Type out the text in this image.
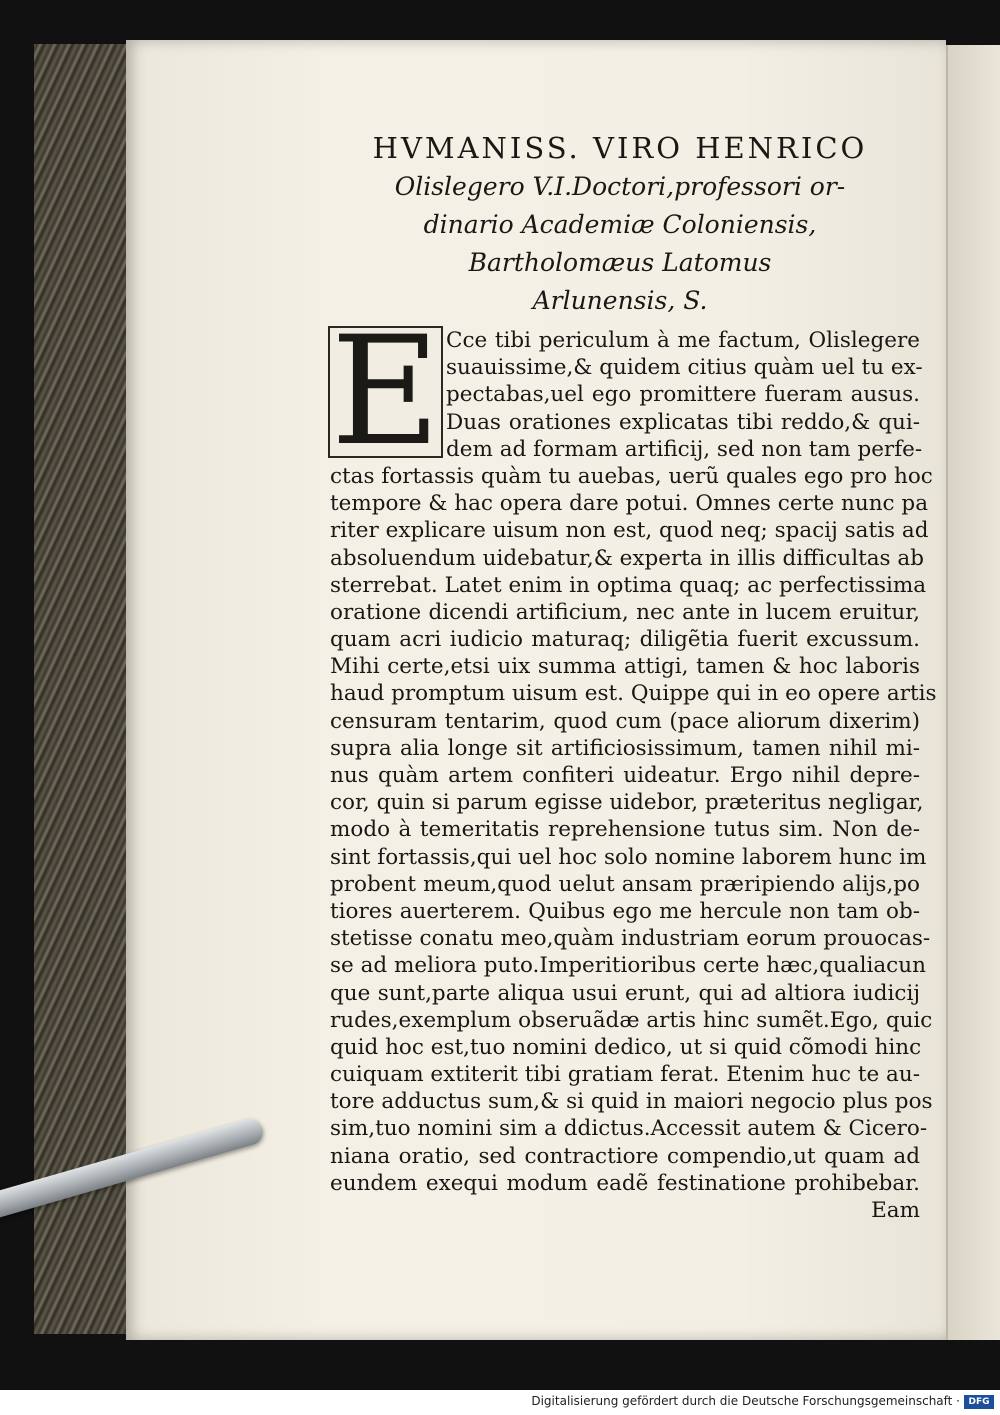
HVMANISS. VIRO HENRICO
Olislegero V.I.Doctori,professori or-
dinario Academiæ Coloniensis,
Bartholomæus Latomus
Arlunensis, S.
E Cce tibi periculum à me factum, Olislegere
suauissime,& quidem citius quàm uel tu ex-
pectabas,uel ego promittere fueram ausus.
Duas orationes explicatas tibi reddo,& qui-
dem ad formam artificij, sed non tam perfe-
ctas fortassis quàm tu auebas, uerũ quales ego pro hoc
tempore & hac opera dare potui. Omnes certe nunc pa
riter explicare uisum non est, quod neq; spacij satis ad
absoluendum uidebatur,& experta in illis difficultas ab
sterrebat. Latet enim in optima quaq; ac perfectissima
oratione dicendi artificium, nec ante in lucem eruitur,
quam acri iudicio maturaq; diligẽtia fuerit excussum.
Mihi certe,etsi uix summa attigi, tamen & hoc laboris
haud promptum uisum est. Quippe qui in eo opere artis
censuram tentarim, quod cum (pace aliorum dixerim)
supra alia longe sit artificiosissimum, tamen nihil mi-
nus quàm artem confiteri uideatur. Ergo nihil depre-
cor, quin si parum egisse uidebor, præteritus negligar,
modo à temeritatis reprehensione tutus sim. Non de-
sint fortassis,qui uel hoc solo nomine laborem hunc im
probent meum,quod uelut ansam præripiendo alijs,po
tiores auerterem. Quibus ego me hercule non tam ob-
stetisse conatu meo,quàm industriam eorum prouocas-
se ad meliora puto.Imperitioribus certe hæc,qualiacun
que sunt,parte aliqua usui erunt, qui ad altiora iudicij
rudes,exemplum obseruãdæ artis hinc sumẽt.Ego, quic
quid hoc est,tuo nomini dedico, ut si quid cõmodi hinc
cuiquam extiterit tibi gratiam ferat. Etenim huc te au-
tore adductus sum,& si quid in maiori negocio plus pos
sim,tuo nomini sim a ddictus.Accessit autem & Cicero-
niana oratio, sed contractiore compendio,ut quam ad
eundem exequi modum eadẽ festinatione prohibebar.
Eam
Digitalisierung gefördert durch die Deutsche Forschungsgemeinschaft · DFG
